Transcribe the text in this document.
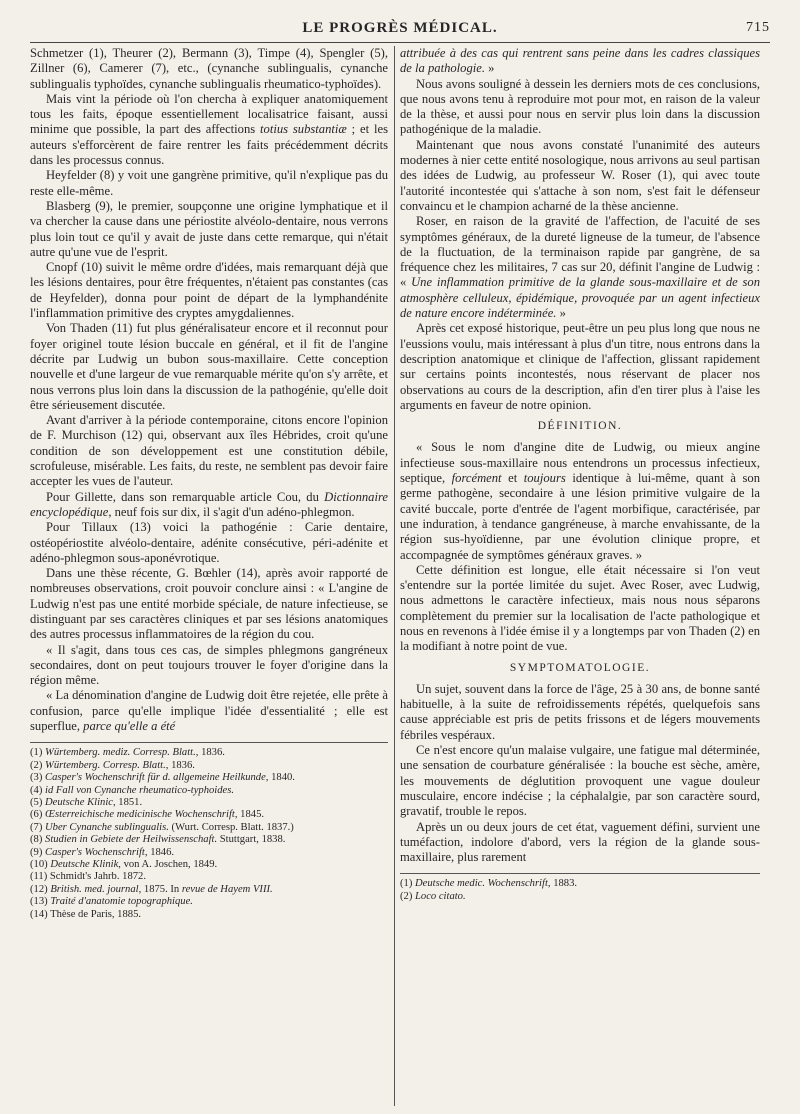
LE PROGRÈS MÉDICAL.	715

Schmetzer (1), Theurer (2), Bermann (3), Timpe (4), Spengler (5), Zillner (6), Camerer (7), etc., (cynanche sublingualis, cynanche sublingualis typhoïdes, cynanche sublingualis rheumatico-typhoïdes).

Mais vint la période où l'on chercha à expliquer anatomiquement tous les faits, époque essentiellement localisatrice faisant, aussi minime que possible, la part des affections totius substantiæ ; et les auteurs s'efforcèrent de faire rentrer les faits précédemment décrits dans les processus connus.

Heyfelder (8) y voit une gangrène primitive, qu'il n'explique pas du reste elle-même.

Blasberg (9), le premier, soupçonne une origine lymphatique et il va chercher la cause dans une périostite alvéolo-dentaire, nous verrons plus loin tout ce qu'il y avait de juste dans cette remarque, qui n'était autre qu'une vue de l'esprit.

Cnopf (10) suivit le même ordre d'idées, mais remarquant déjà que les lésions dentaires, pour être fréquentes, n'étaient pas constantes (cas de Heyfelder), donna pour point de départ de la lymphandénite l'inflammation primitive des cryptes amygdaliennes.

Von Thaden (11) fut plus généralisateur encore et il reconnut pour foyer originel toute lésion buccale en général, et il fit de l'angine décrite par Ludwig un bubon sous-maxillaire. Cette conception nouvelle et d'une largeur de vue remarquable mérite qu'on s'y arrête, et nous verrons plus loin dans la discussion de la pathogénie, qu'elle doit être sérieusement discutée.

Avant d'arriver à la période contemporaine, citons encore l'opinion de F. Murchison (12) qui, observant aux îles Hébrides, croit qu'une condition de son développement est une constitution débile, scrofuleuse, misérable. Les faits, du reste, ne semblent pas devoir faire accepter les vues de l'auteur.

Pour Gillette, dans son remarquable article Cou, du Dictionnaire encyclopédique, neuf fois sur dix, il s'agit d'un adéno-phlegmon.

Pour Tillaux (13) voici la pathogénie : Carie dentaire, ostéopériostite alvéolo-dentaire, adénite consécutive, péri-adénite et adéno-phlegmon sous-aponévrotique.

Dans une thèse récente, G. Bœhler (14), après avoir rapporté de nombreuses observations, croit pouvoir conclure ainsi : « L'angine de Ludwig n'est pas une entité morbide spéciale, de nature infectieuse, se distinguant par ses caractères cliniques et par ses lésions anatomiques des autres processus inflammatoires de la région du cou.

« Il s'agit, dans tous ces cas, de simples phlegmons gangréneux secondaires, dont on peut toujours trouver le foyer d'origine dans la région même.

« La dénomination d'angine de Ludwig doit être rejetée, elle prête à confusion, parce qu'elle implique l'idée d'essentialité ; elle est superflue, parce qu'elle a été

(1) Würtemberg. mediz. Corresp. Blatt., 1836.
(2) Würtemberg. Corresp. Blatt., 1836.
(3) Casper's Wochenschrift für d. allgemeine Heilkunde, 1840.
(4) id Fall von Cynanche rheumatico-typhoides.
(5) Deutsche Klinic, 1851.
(6) Œsterreichische medicinische Wochenschrift, 1845.
(7) Uber Cynanche sublingualis. (Wurt. Corresp. Blatt. 1837.)
(8) Studien in Gebiete der Heilwissenschaft. Stuttgart, 1838.
(9) Casper's Wochenschrift, 1846.
(10) Deutsche Klinik, von A. Joschen, 1849.
(11) Schmidt's Jahrb. 1872.
(12) British. med. journal, 1875. In revue de Hayem VIII.
(13) Traité d'anatomie topographique.
(14) Thèse de Paris, 1885.

attribuée à des cas qui rentrent sans peine dans les cadres classiques de la pathologie. »

Nous avons souligné à dessein les derniers mots de ces conclusions, que nous avons tenu à reproduire mot pour mot, en raison de la valeur de la thèse, et aussi pour nous en servir plus loin dans la discussion pathogénique de la maladie.

Maintenant que nous avons constaté l'unanimité des auteurs modernes à nier cette entité nosologique, nous arrivons au seul partisan des idées de Ludwig, au professeur W. Roser (1), qui avec toute l'autorité incontestée qui s'attache à son nom, s'est fait le défenseur convaincu et le champion acharné de la thèse ancienne.

Roser, en raison de la gravité de l'affection, de l'acuité de ses symptômes généraux, de la dureté ligneuse de la tumeur, de l'absence de la fluctuation, de la terminaison rapide par gangrène, de sa fréquence chez les militaires, 7 cas sur 20, définit l'angine de Ludwig : « Une inflammation primitive de la glande sous-maxillaire et de son atmosphère celluleux, épidémique, provoquée par un agent infectieux de nature encore indéterminée. »

Après cet exposé historique, peut-être un peu plus long que nous ne l'eussions voulu, mais intéressant à plus d'un titre, nous entrons dans la description anatomique et clinique de l'affection, glissant rapidement sur certains points incontestés, nous réservant de placer nos observations au cours de la description, afin d'en tirer plus à l'aise les arguments en faveur de notre opinion.

DÉFINITION.

« Sous le nom d'angine dite de Ludwig, ou mieux angine infectieuse sous-maxillaire nous entendrons un processus infectieux, septique, forcément et toujours identique à lui-même, quant à son germe pathogène, secondaire à une lésion primitive vulgaire de la cavité buccale, porte d'entrée de l'agent morbifique, caractérisée, par une induration, à tendance gangréneuse, à marche envahissante, de la région sus-hyoïdienne, par une évolution clinique propre, et accompagnée de symptômes généraux graves. »

Cette définition est longue, elle était nécessaire si l'on veut s'entendre sur la portée limitée du sujet. Avec Roser, avec Ludwig, nous admettons le caractère infectieux, mais nous nous séparons complètement du premier sur la localisation de l'acte pathologique et nous en revenons à l'idée émise il y a longtemps par von Thaden (2) en la modifiant à notre point de vue.

SYMPTOMATOLOGIE.

Un sujet, souvent dans la force de l'âge, 25 à 30 ans, de bonne santé habituelle, à la suite de refroidissements répétés, quelquefois sans cause appréciable est pris de petits frissons et de légers mouvements fébriles vespéraux.

Ce n'est encore qu'un malaise vulgaire, une fatigue mal déterminée, une sensation de courbature généralisée : la bouche est sèche, amère, les mouvements de déglutition provoquent une vague douleur musculaire, encore indécise ; la céphalalgie, par son caractère sourd, gravatif, trouble le repos.

Après un ou deux jours de cet état, vaguement défini, survient une tuméfaction, indolore d'abord, vers la région de la glande sous-maxillaire, plus rarement

(1) Deutsche medic. Wochenschrift, 1883.
(2) Loco citato.
